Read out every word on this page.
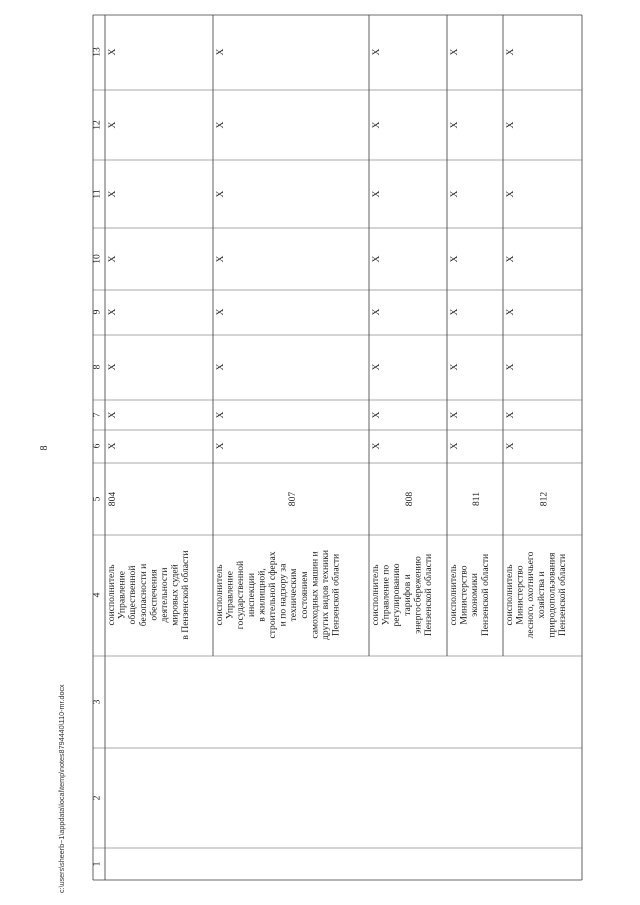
8
c:\users\sheerb~1\appdata\local\temp\notes8794440\110-mr.docx
13
12
11
10
9
8
7
6
5
4
3
2
1
X
X
X
X
X
X
X
X
804
соисполнитель Управление общественной безопасности и обеспечения деятельности мировых судей в Пензенской области
X
X
X
X
X
X
X
X
807
соисполнитель Управление государственной инспекции в жилищной, строительной сферах и по надзору за техническим состоянием самоходных машин и других видов техники Пензенской области
X
X
X
X
X
X
X
X
808
соисполнитель Управление по регулированию тарифов и энергосбережению Пензенской области
X
X
X
X
X
X
X
X
811
соисполнитель Министерство экономики Пензенской области
X
X
X
X
X
X
X
X
812
соисполнитель Министерство лесного, охотничьего хозяйства и природопользования Пензенской области
